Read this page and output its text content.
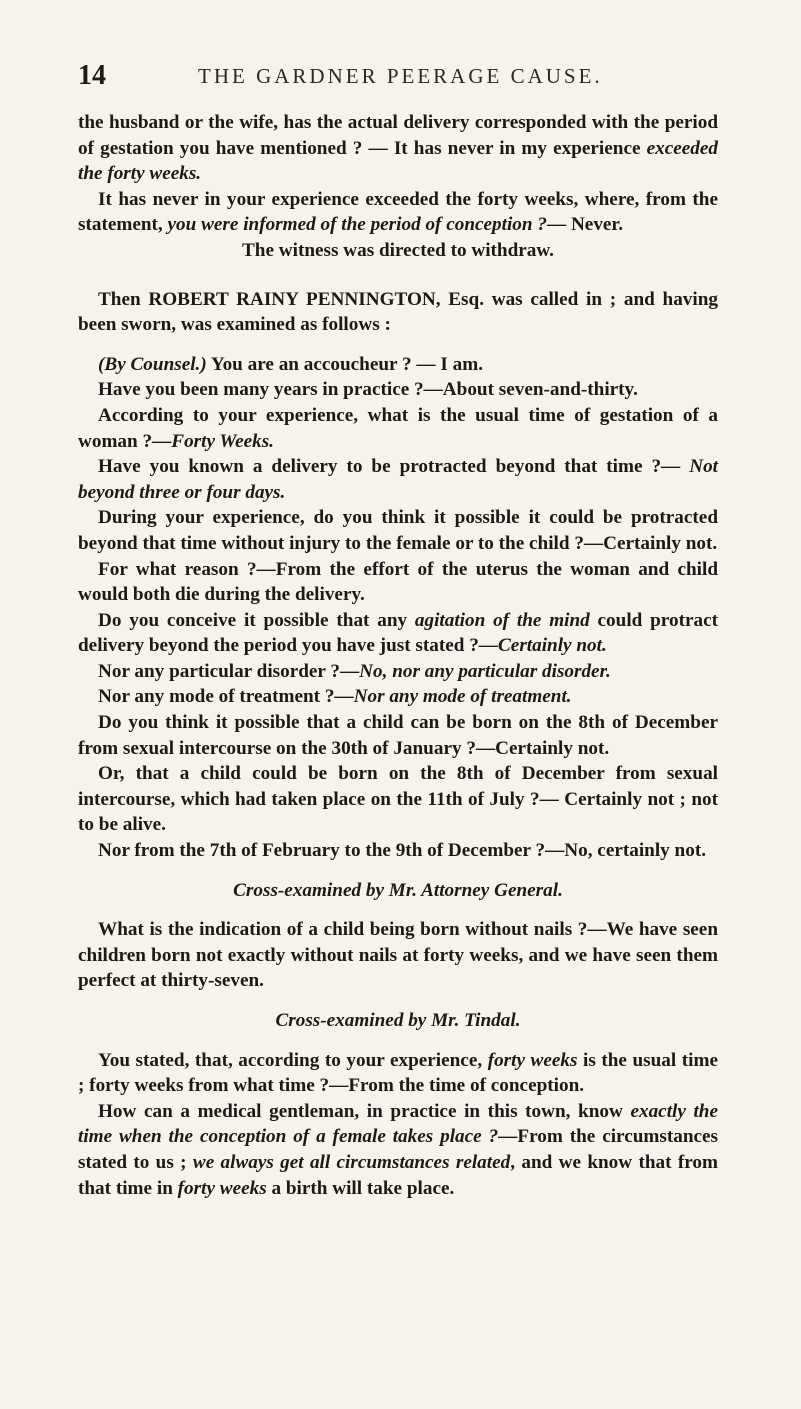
14	THE GARDNER PEERAGE CAUSE.

the husband or the wife, has the actual delivery corresponded with the period of gestation you have mentioned ? — It has never in my experience exceeded the forty weeks.

It has never in your experience exceeded the forty weeks, where, from the statement, you were informed of the period of conception ?— Never.

The witness was directed to withdraw.

Then ROBERT RAINY PENNINGTON, Esq. was called in ; and having been sworn, was examined as follows :

(By Counsel.) You are an accoucheur ? — I am.

Have you been many years in practice ?—About seven-and-thirty.

According to your experience, what is the usual time of gestation of a woman ?—Forty Weeks.

Have you known a delivery to be protracted beyond that time ?— Not beyond three or four days.

During your experience, do you think it possible it could be protracted beyond that time without injury to the female or to the child ?—Certainly not.

For what reason ?—From the effort of the uterus the woman and child would both die during the delivery.

Do you conceive it possible that any agitation of the mind could protract delivery beyond the period you have just stated ?—Certainly not.

Nor any particular disorder ?—No, nor any particular disorder.

Nor any mode of treatment ?—Nor any mode of treatment.

Do you think it possible that a child can be born on the 8th of December from sexual intercourse on the 30th of January ?—Certainly not.

Or, that a child could be born on the 8th of December from sexual intercourse, which had taken place on the 11th of July ?— Certainly not ; not to be alive.

Nor from the 7th of February to the 9th of December ?—No, certainly not.

Cross-examined by Mr. Attorney General.

What is the indication of a child being born without nails ?—We have seen children born not exactly without nails at forty weeks, and we have seen them perfect at thirty-seven.

Cross-examined by Mr. Tindal.

You stated, that, according to your experience, forty weeks is the usual time ; forty weeks from what time ?—From the time of conception.

How can a medical gentleman, in practice in this town, know exactly the time when the conception of a female takes place ?—From the circumstances stated to us ; we always get all circumstances related, and we know that from that time in forty weeks a birth will take place.
